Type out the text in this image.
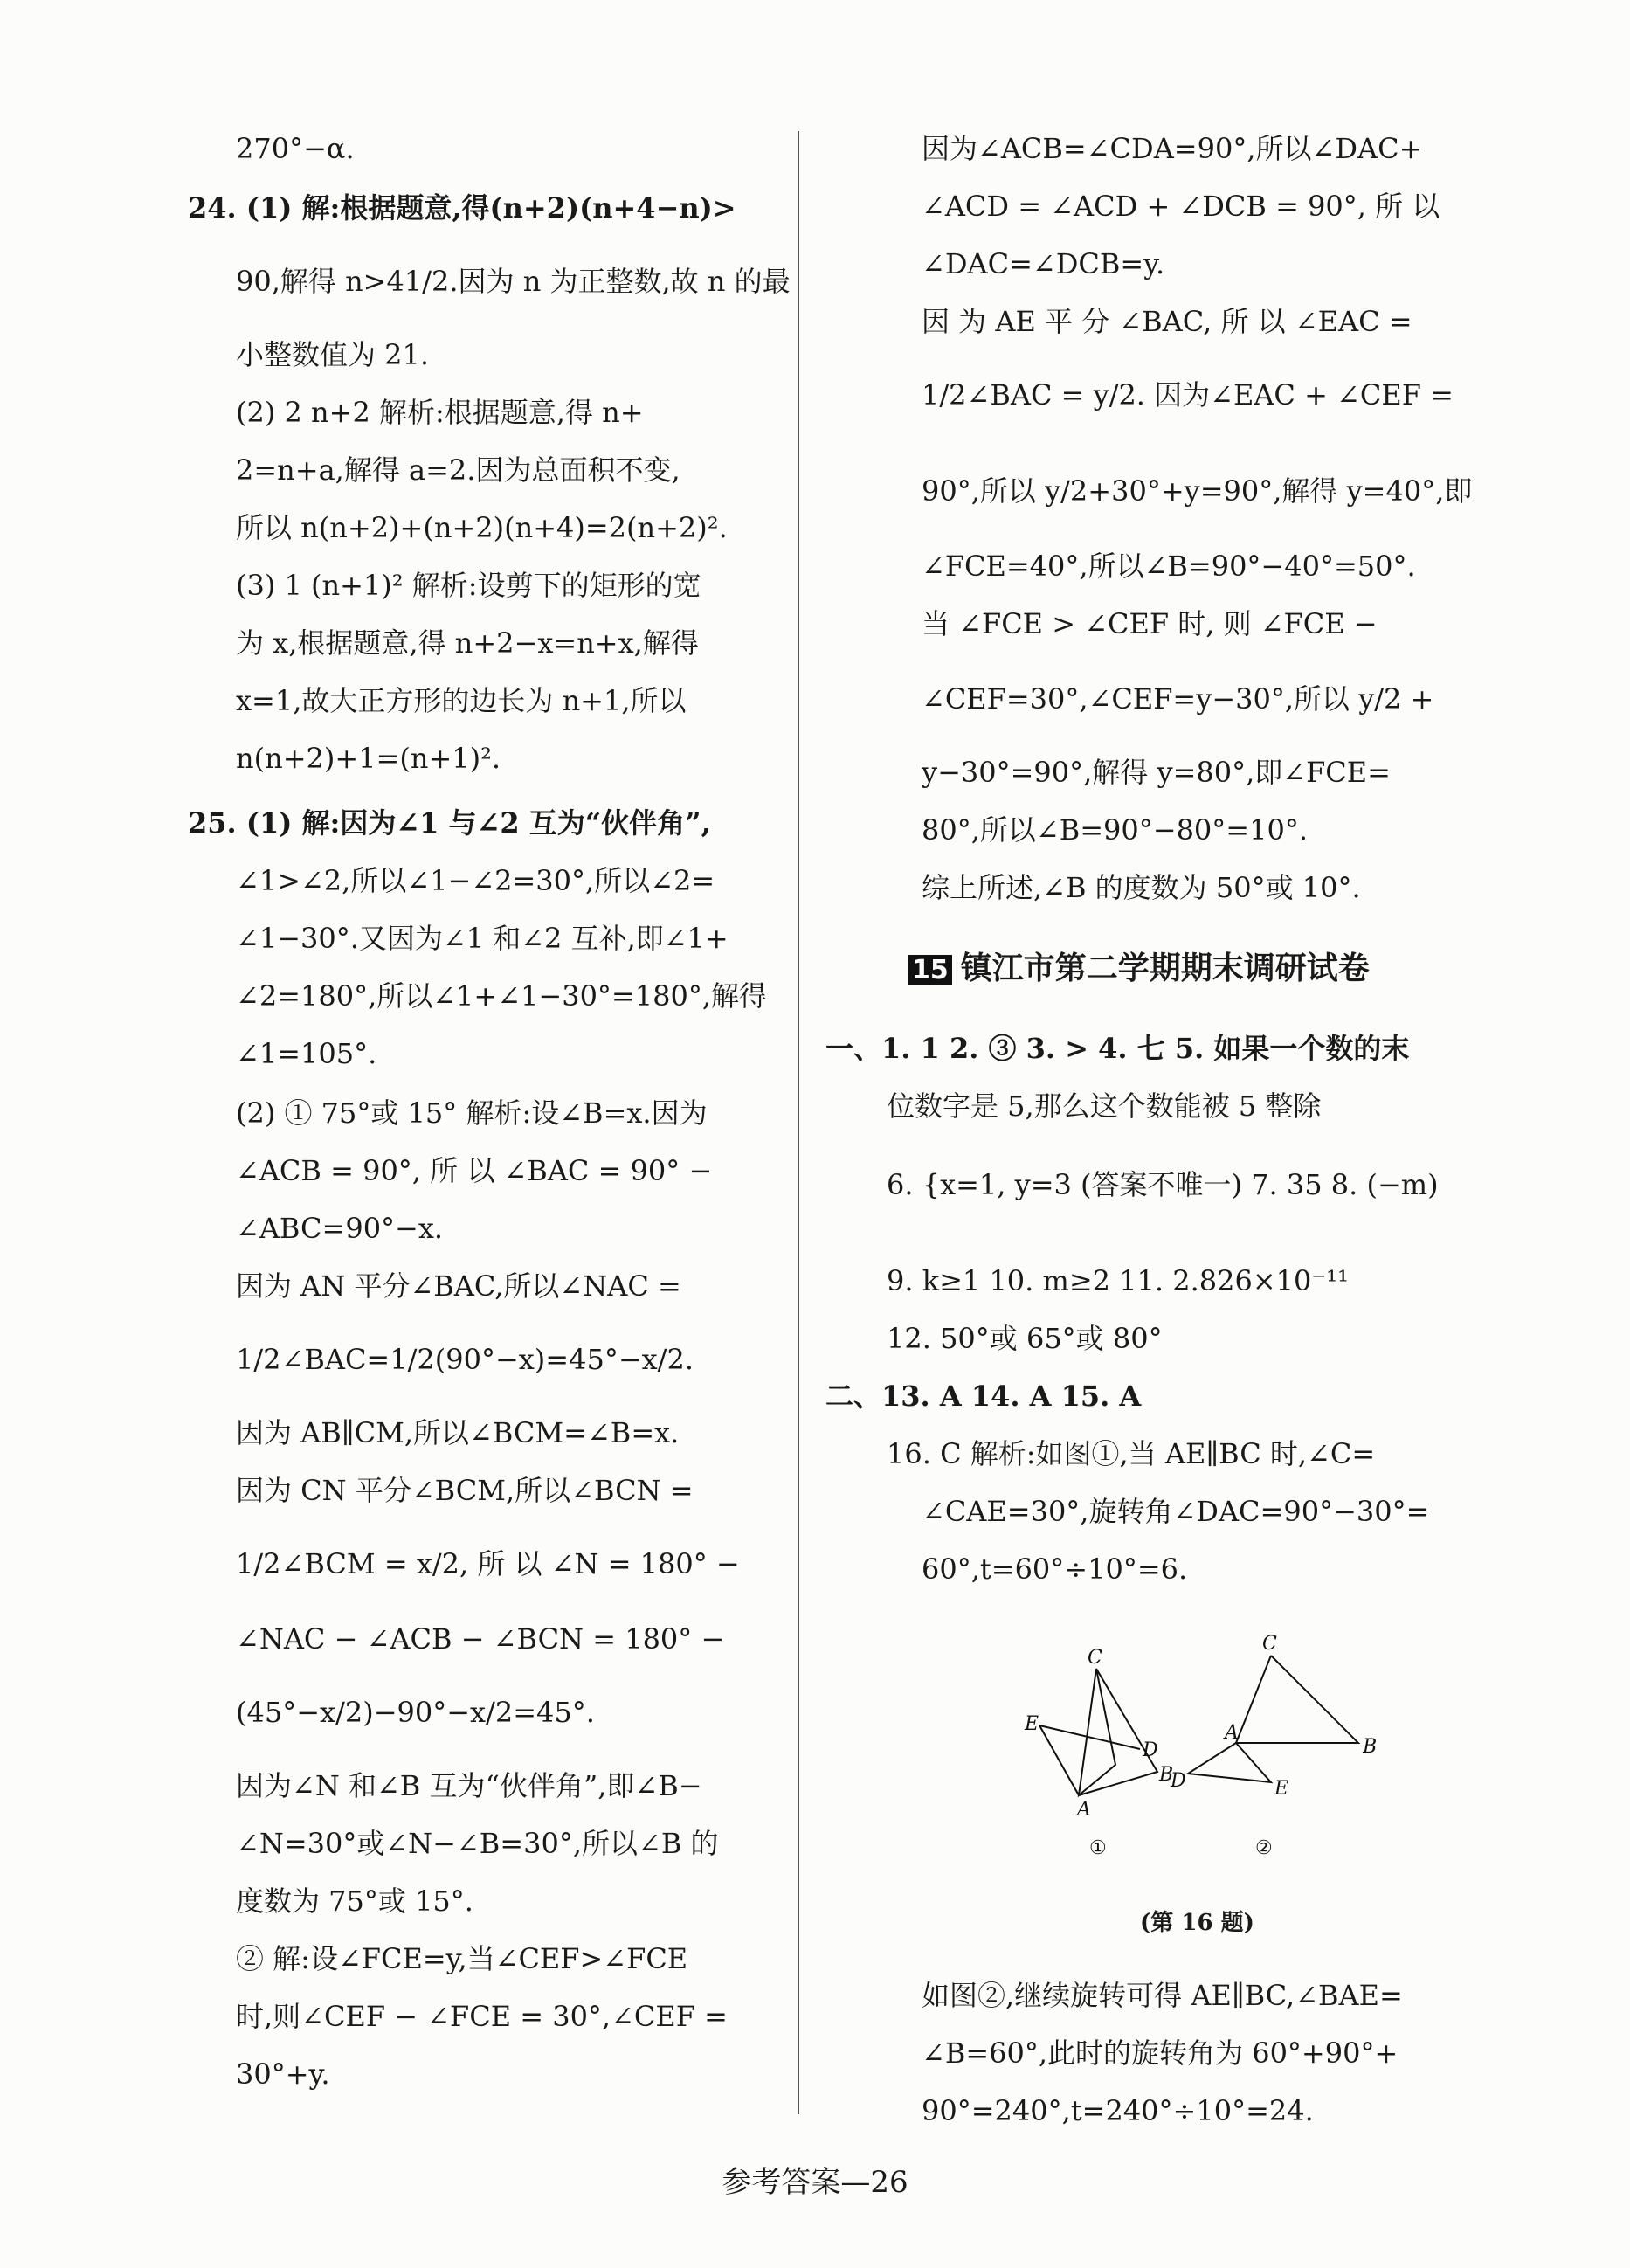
270°−α.
24. (1) 解:根据题意,得(n+2)(n+4−n)>
90,解得 n>41/2.因为 n 为正整数,故 n 的最
小整数值为 21.
(2) 2 n+2 解析:根据题意,得 n+
2=n+a,解得 a=2.因为总面积不变,
所以 n(n+2)+(n+2)(n+4)=2(n+2)².
(3) 1 (n+1)² 解析:设剪下的矩形的宽
为 x,根据题意,得 n+2−x=n+x,解得
x=1,故大正方形的边长为 n+1,所以
n(n+2)+1=(n+1)².
25. (1) 解:因为∠1 与∠2 互为“伙伴角”,
∠1>∠2,所以∠1−∠2=30°,所以∠2=
∠1−30°.又因为∠1 和∠2 互补,即∠1+
∠2=180°,所以∠1+∠1−30°=180°,解得
∠1=105°.
(2) ① 75°或 15° 解析:设∠B=x.因为
∠ACB = 90°, 所 以 ∠BAC = 90° −
∠ABC=90°−x.
因为 AN 平分∠BAC,所以∠NAC =
1/2∠BAC=1/2(90°−x)=45°−x/2.
因为 AB∥CM,所以∠BCM=∠B=x.
因为 CN 平分∠BCM,所以∠BCN =
1/2∠BCM = x/2, 所 以 ∠N = 180° −
∠NAC − ∠ACB − ∠BCN = 180° −
(45°−x/2)−90°−x/2=45°.
因为∠N 和∠B 互为“伙伴角”,即∠B−
∠N=30°或∠N−∠B=30°,所以∠B 的
度数为 75°或 15°.
② 解:设∠FCE=y,当∠CEF>∠FCE
时,则∠CEF − ∠FCE = 30°,∠CEF =
30°+y.
因为∠ACB=∠CDA=90°,所以∠DAC+
∠ACD = ∠ACD + ∠DCB = 90°, 所 以
∠DAC=∠DCB=y.
因 为 AE 平 分 ∠BAC, 所 以 ∠EAC =
1/2∠BAC = y/2. 因为∠EAC + ∠CEF =
90°,所以 y/2+30°+y=90°,解得 y=40°,即
∠FCE=40°,所以∠B=90°−40°=50°.
当 ∠FCE > ∠CEF 时, 则 ∠FCE −
∠CEF=30°,∠CEF=y−30°,所以 y/2 +
y−30°=90°,解得 y=80°,即∠FCE=
80°,所以∠B=90°−80°=10°.
综上所述,∠B 的度数为 50°或 10°.
15 镇江市第二学期期末调研试卷
一、1. 1 2. ③ 3. > 4. 七 5. 如果一个数的末
位数字是 5,那么这个数能被 5 整除
6. {x=1, y=3 (答案不唯一) 7. 35 8. (−m)
9. k≥1 10. m≥2 11. 2.826×10⁻¹¹
12. 50°或 65°或 80°
二、13. A 14. A 15. A
16. C 解析:如图①,当 AE∥BC 时,∠C=
∠CAE=30°,旋转角∠DAC=90°−30°=
60°,t=60°÷10°=6.
C
E
D
A
B
①
C
A
B
D	E
②
(第 16 题)
如图②,继续旋转可得 AE∥BC,∠BAE=
∠B=60°,此时的旋转角为 60°+90°+
90°=240°,t=240°÷10°=24.
参考答案—26
